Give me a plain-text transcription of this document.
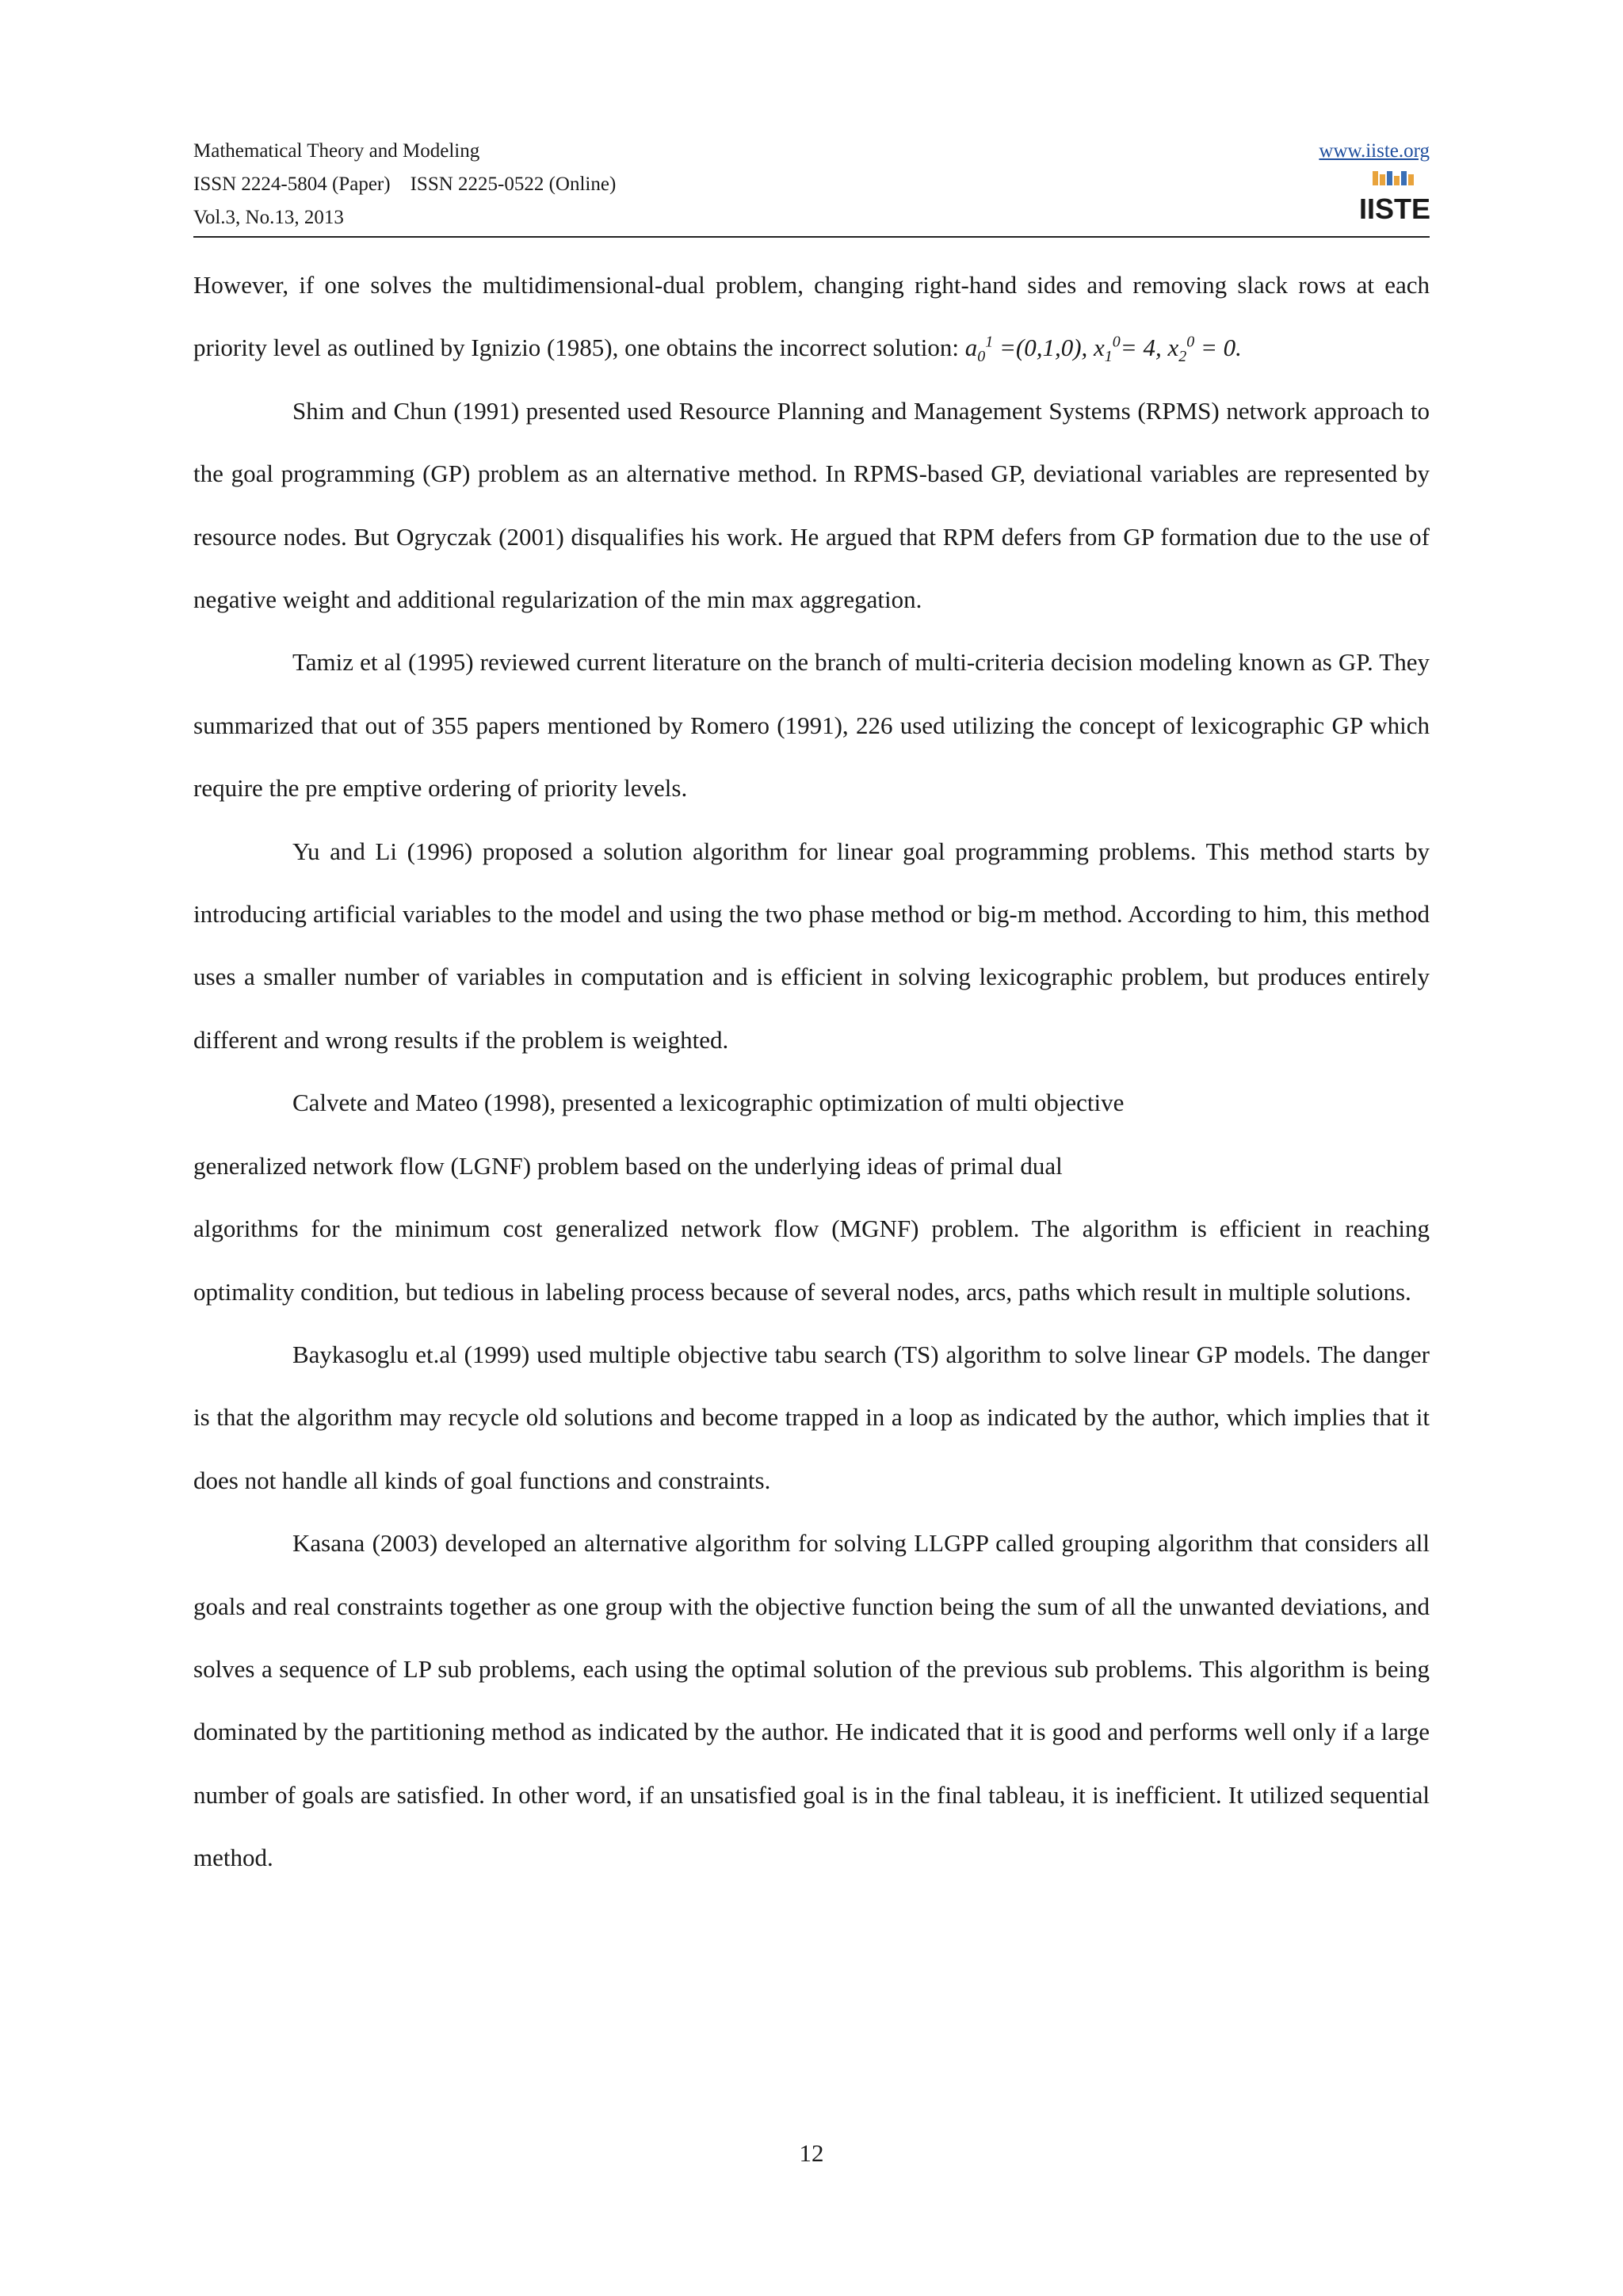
Mathematical Theory and Modeling
ISSN 2224-5804 (Paper)    ISSN 2225-0522 (Online)
Vol.3, No.13, 2013
www.iiste.org
IISTE

However, if one solves the multidimensional-dual problem, changing right-hand sides and removing slack rows at each priority level as outlined by Ignizio (1985), one obtains the incorrect solution: $a_0^1 =(0,1,0)$, $x_1^0= 4$, $x_2^0 = 0$.

Shim and Chun (1991) presented used Resource Planning and Management Systems (RPMS) network approach to the goal programming (GP) problem as an alternative method. In RPMS-based GP, deviational variables are represented by resource nodes. But Ogryczak (2001) disqualifies his work. He argued that RPM defers from GP formation due to the use of negative weight and additional regularization of the min max aggregation.

Tamiz et al (1995) reviewed current literature on the branch of multi-criteria decision modeling known as GP. They summarized that out of 355 papers mentioned by Romero (1991), 226 used utilizing the concept of lexicographic GP which require the pre emptive ordering of priority levels.

Yu and Li (1996) proposed a solution algorithm for linear goal programming problems. This method starts by introducing artificial variables to the model and using the two phase method or big-m method. According to him, this method uses a smaller number of variables in computation and is efficient in solving lexicographic problem, but produces entirely different and wrong results if the problem is weighted.

Calvete and Mateo (1998), presented a lexicographic optimization of multi objective

generalized network flow (LGNF) problem based on the underlying ideas of primal dual

algorithms for the minimum cost generalized network flow (MGNF) problem. The algorithm is efficient in reaching optimality condition, but tedious in labeling process because of several nodes, arcs, paths which result in multiple solutions.

Baykasoglu et.al (1999) used multiple objective tabu search (TS) algorithm to solve linear GP models. The danger is that the algorithm may recycle old solutions and become trapped in a loop as indicated by the author, which implies that it does not handle all kinds of goal functions and constraints.

Kasana (2003) developed an alternative algorithm for solving LLGPP called grouping algorithm that considers all goals and real constraints together as one group with the objective function being the sum of all the unwanted deviations, and solves a sequence of LP sub problems, each using the optimal solution of the previous sub problems. This algorithm is being dominated by the partitioning method as indicated by the author. He indicated that it is good and performs well only if a large number of goals are satisfied. In other word, if an unsatisfied goal is in the final tableau, it is inefficient. It utilized sequential method.

12
